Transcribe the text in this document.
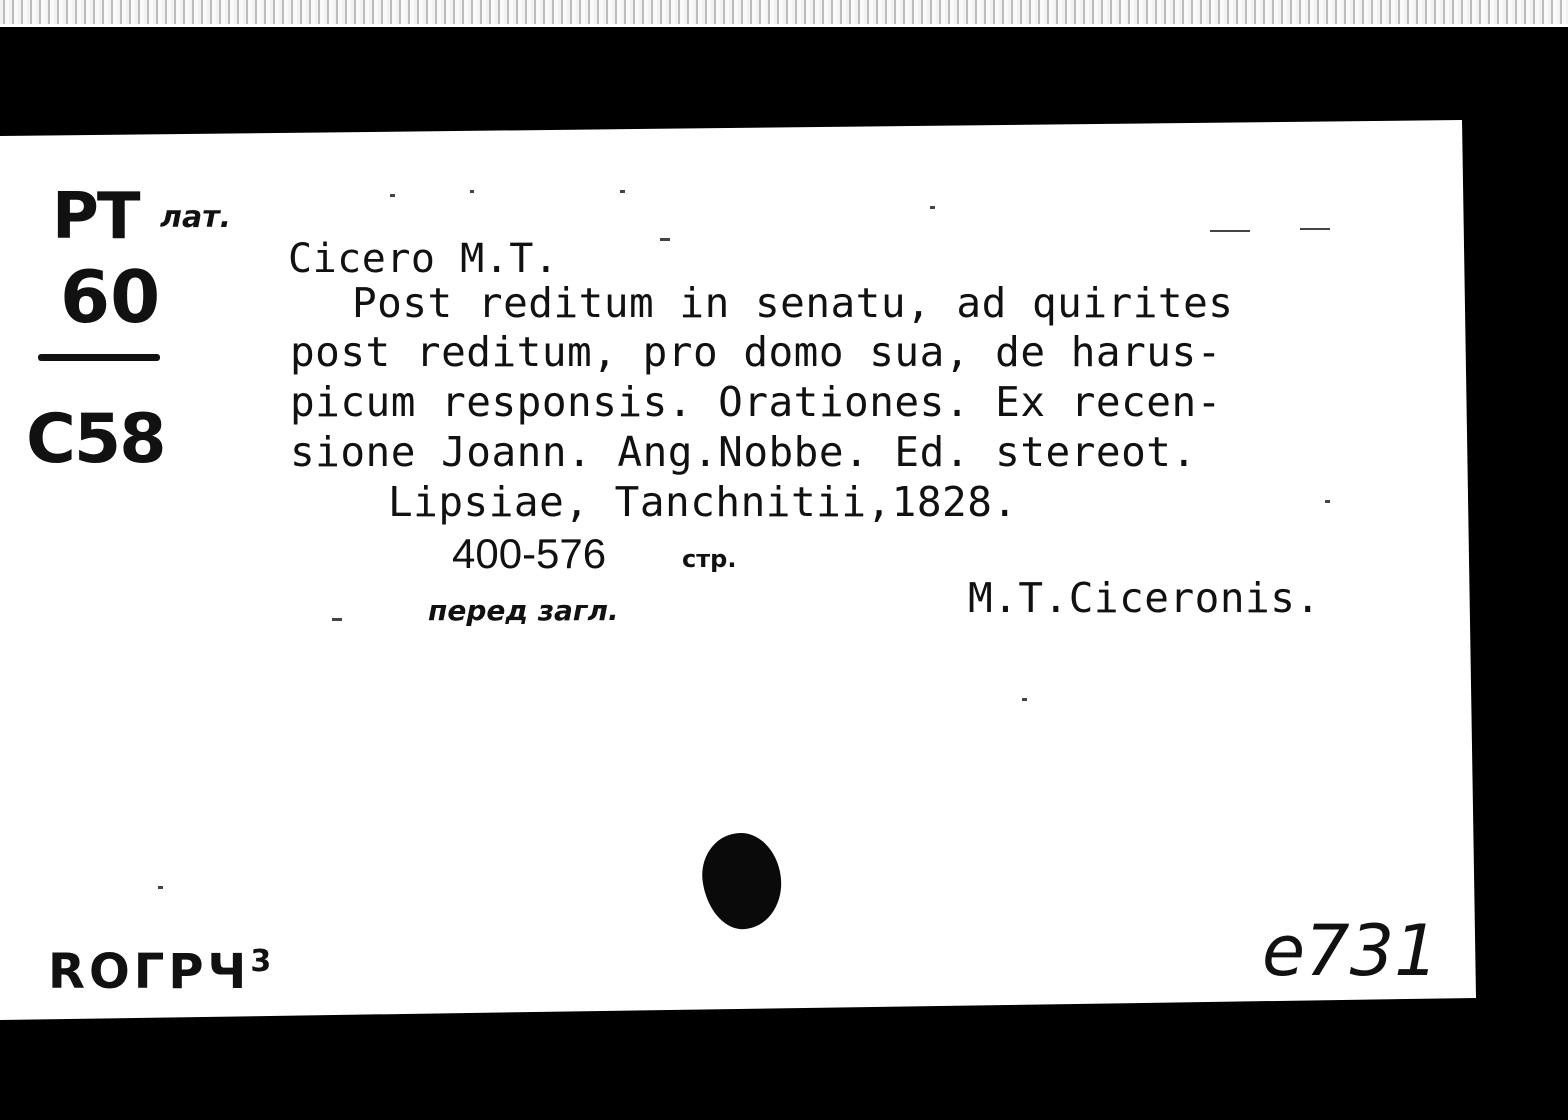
PT лат.
60
C58
Cicero M.T.
Post reditum in senatu, ad quirites
post reditum, pro domo sua, de harus-
picum responsis. Orationes. Ex recen-
sione Joann. Ang.Nobbe. Ed. stereot.
Lipsiae, Tanchnitii,1828.
400-576	стр.
перед загл.	M.T.Ciceronis.
ROГРЧ$^3$	e731
